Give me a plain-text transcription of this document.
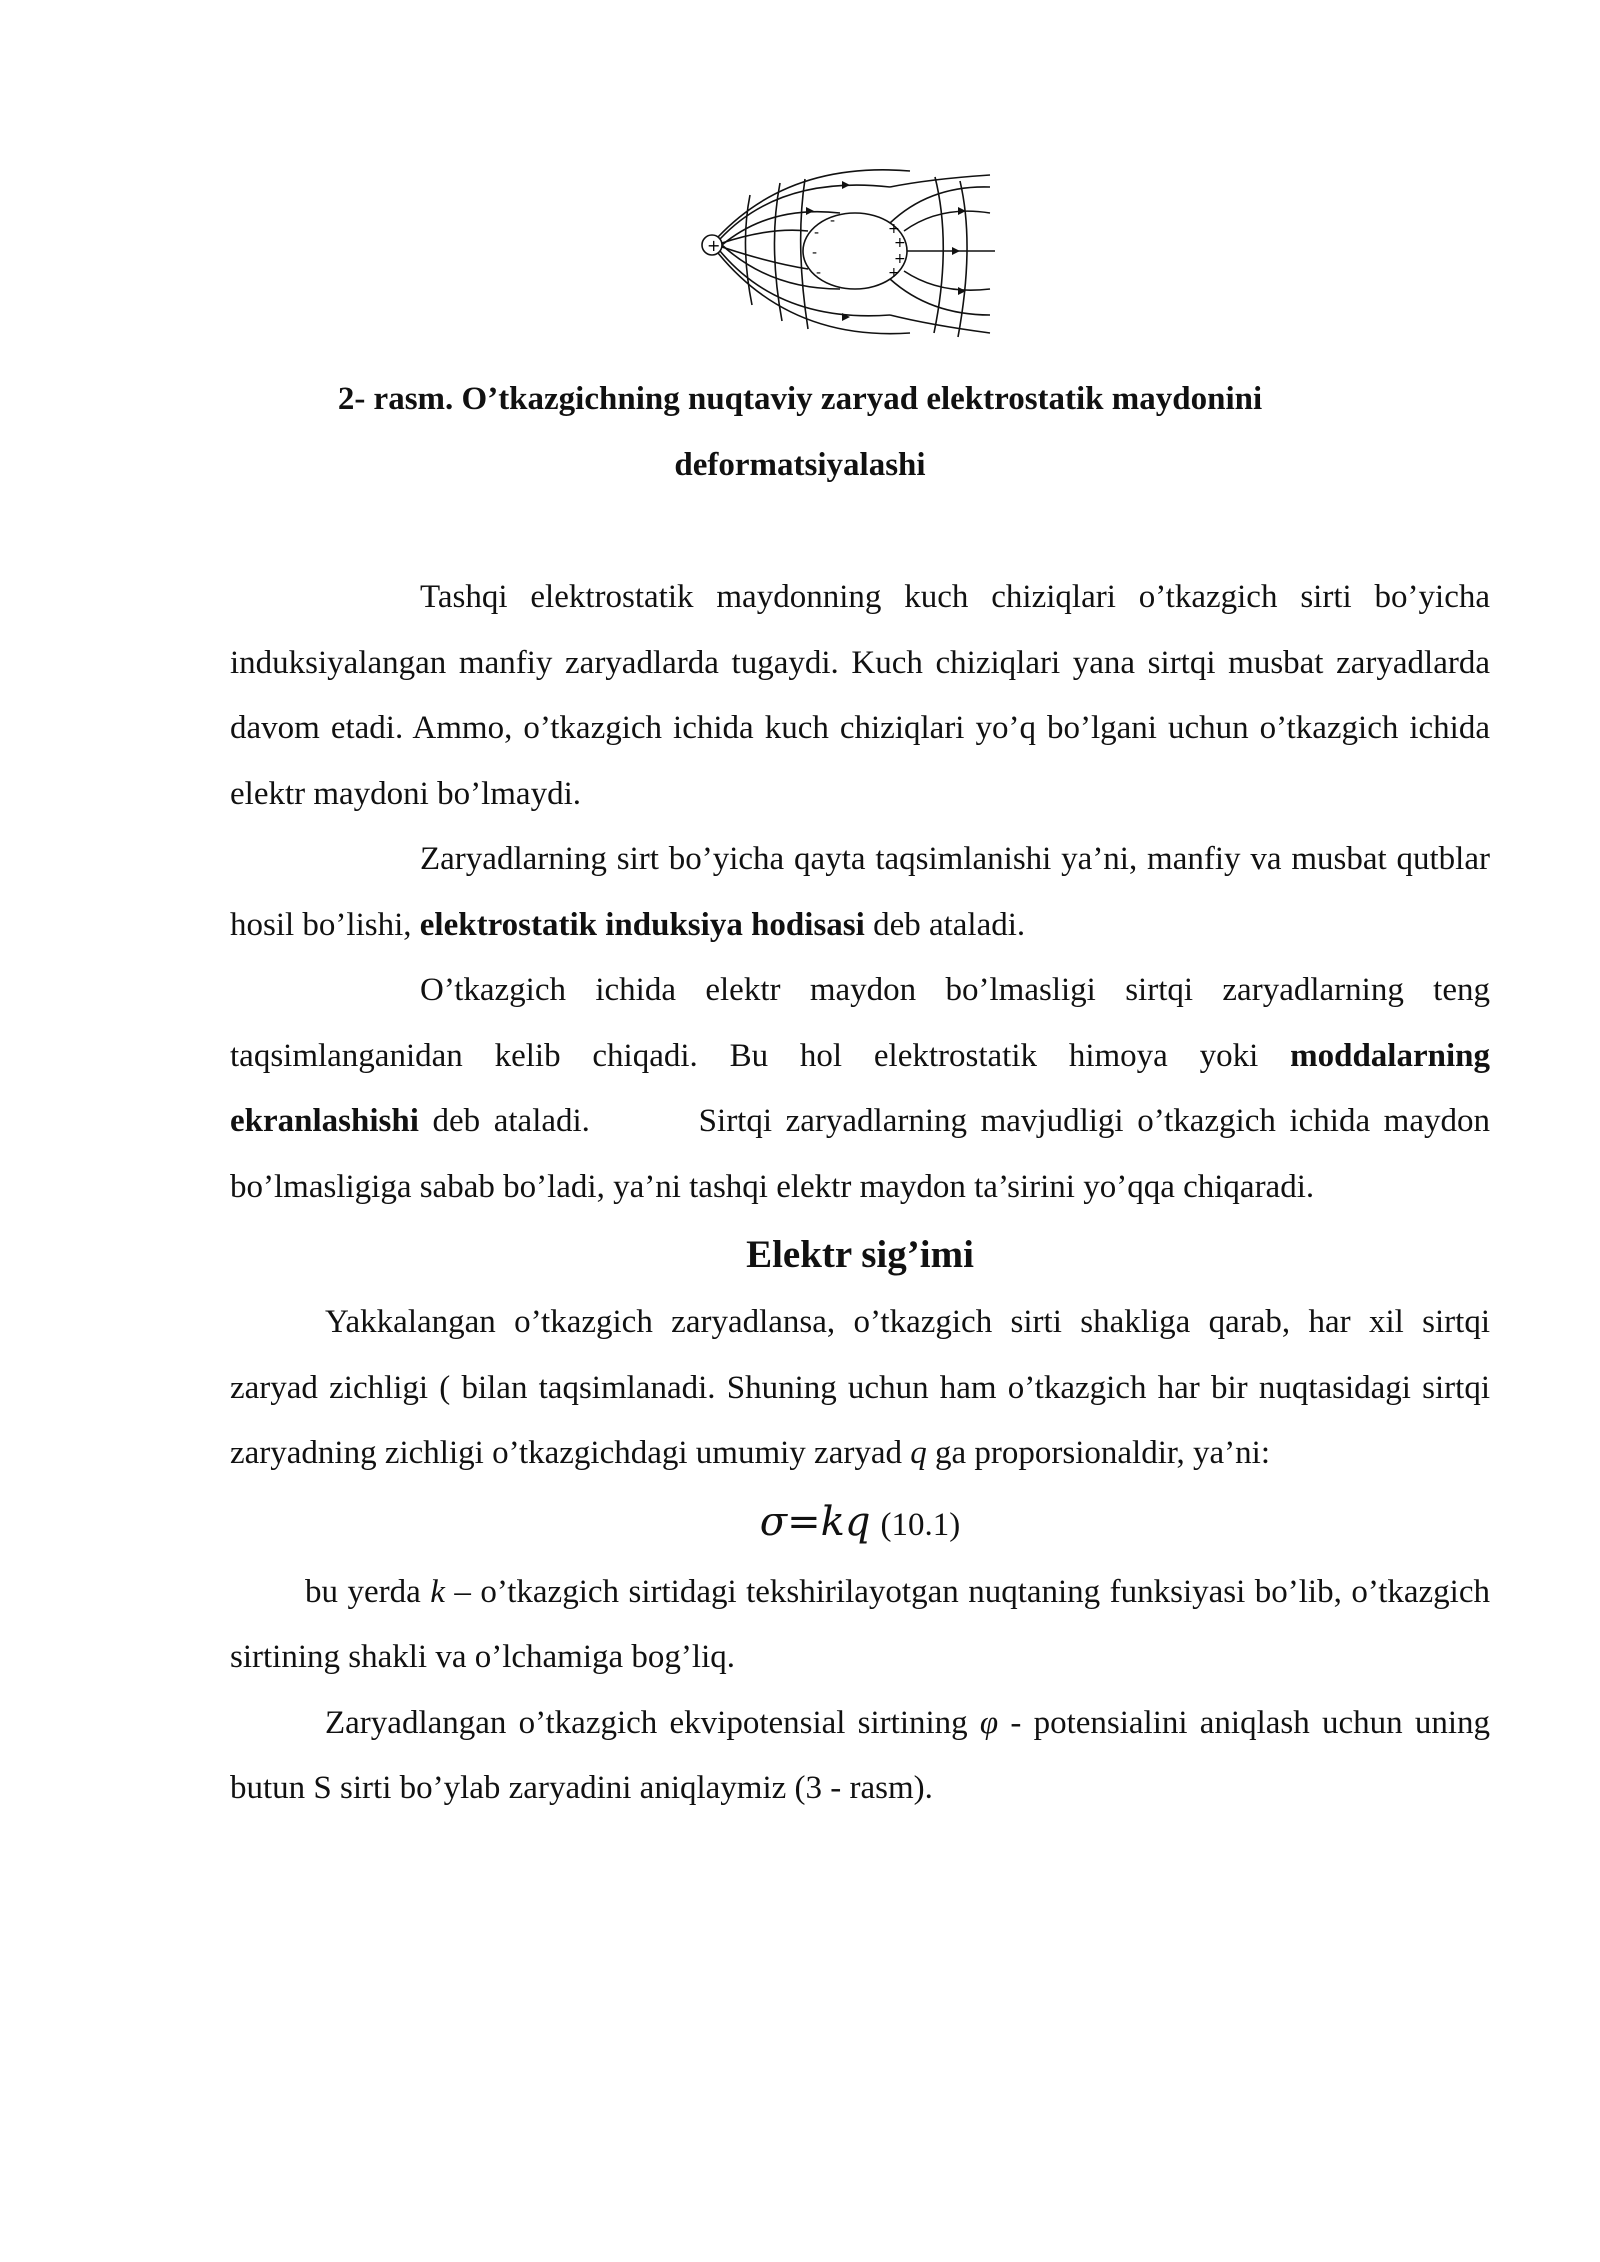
+
-
-
-
-	+
+
+
+
2- rasm. O’tkazgichning nuqtaviy zaryad elektrostatik maydonini
deformatsiyalashi

Tashqi elektrostatik maydonning kuch chiziqlari o’tkazgich sirti bo’yicha induksiyalangan manfiy zaryadlarda tugaydi. Kuch chiziqlari yana sirtqi musbat zaryadlarda davom etadi. Ammo, o’tkazgich ichida kuch chiziqlari yo’q bo’lgani uchun o’tkazgich ichida elektr maydoni bo’lmaydi.

Zaryadlarning sirt bo’yicha qayta taqsimlanishi ya’ni, manfiy va musbat qutblar hosil bo’lishi, elektrostatik induksiya hodisasi deb ataladi.

O’tkazgich ichida elektr maydon bo’lmasligi sirtqi zaryadlarning teng taqsimlanganidan kelib chiqadi. Bu hol elektrostatik himoya yoki moddalarning ekranlashishi deb ataladi.        Sirtqi zaryadlarning mavjudligi o’tkazgich ichida maydon bo’lmasligiga sabab bo’ladi, ya’ni tashqi elektr maydon ta’sirini yo’qqa chiqaradi.

Elektr sig’imi

Yakkalangan o’tkazgich zaryadlansa, o’tkazgich sirti shakliga qarab, har xil sirtqi zaryad zichligi ( bilan taqsimlanadi. Shuning uchun ham o’tkazgich har bir nuqtasidagi sirtqi zaryadning zichligi o’tkazgichdagi umumiy zaryad q ga proporsionaldir, ya’ni:

σ=kq (10.1)

bu yerda k – o’tkazgich sirtidagi tekshirilayotgan nuqtaning funksiyasi bo’lib, o’tkazgich sirtining shakli va o’lchamiga bog’liq.

Zaryadlangan o’tkazgich ekvipotensial sirtining φ - potensialini aniqlash uchun uning butun S sirti bo’ylab zaryadini aniqlaymiz (3 - rasm).
